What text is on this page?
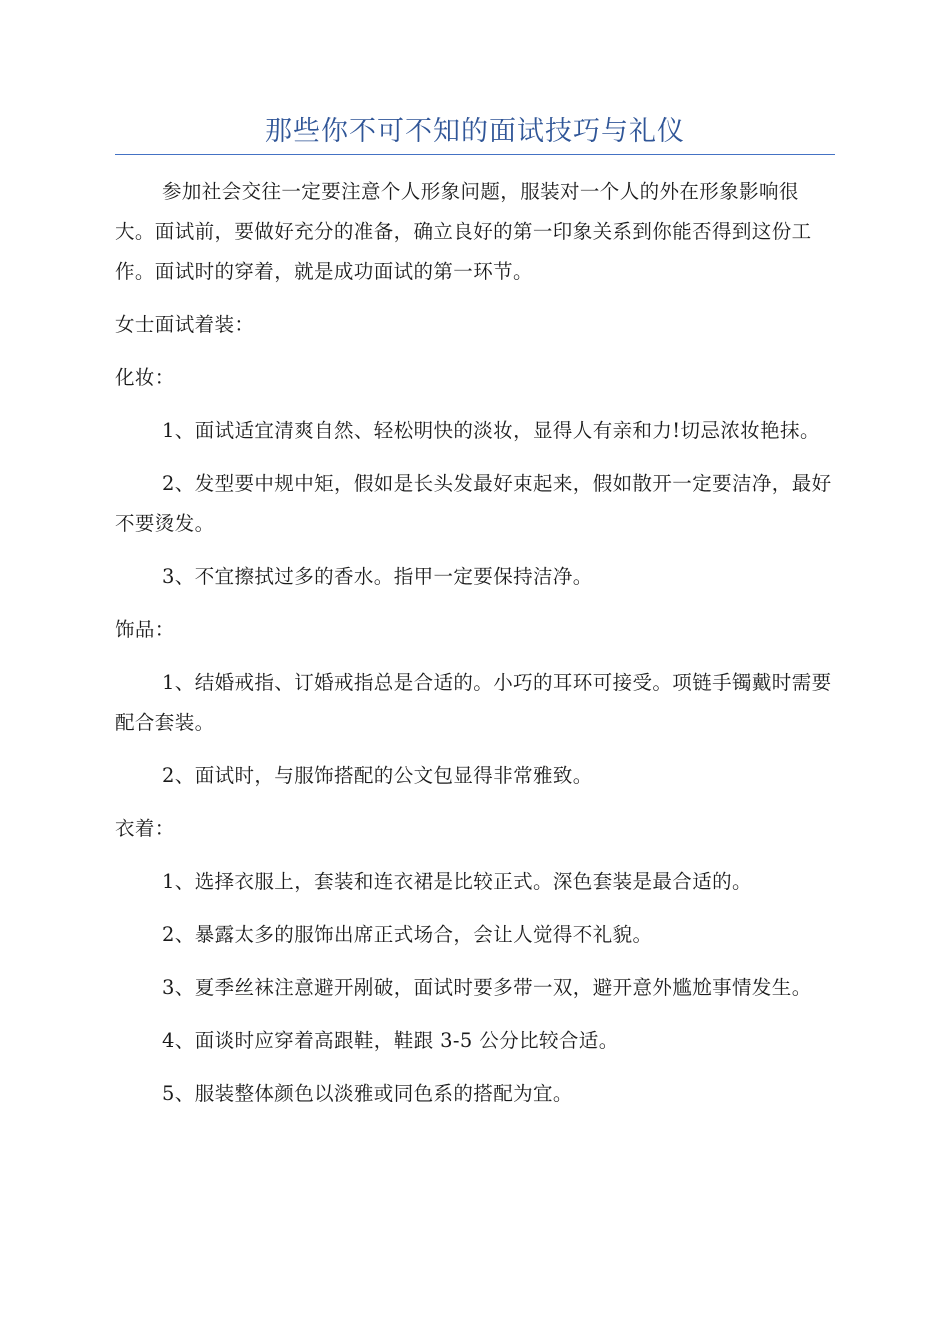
那些你不可不知的面试技巧与礼仪

参加社会交往一定要注意个人形象问题，服装对一个人的外在形象影响很大。面试前，要做好充分的准备，确立良好的第一印象关系到你能否得到这份工作。面试时的穿着，就是成功面试的第一环节。

女士面试着装：

化妆：

1、面试适宜清爽自然、轻松明快的淡妆，显得人有亲和力!切忌浓妆艳抹。

2、发型要中规中矩，假如是长头发最好束起来，假如散开一定要洁净，最好不要烫发。

3、不宜擦拭过多的香水。指甲一定要保持洁净。

饰品：

1、结婚戒指、订婚戒指总是合适的。小巧的耳环可接受。项链手镯戴时需要配合套装。

2、面试时，与服饰搭配的公文包显得非常雅致。

衣着：

1、选择衣服上，套装和连衣裙是比较正式。深色套装是最合适的。

2、暴露太多的服饰出席正式场合，会让人觉得不礼貌。

3、夏季丝袜注意避开剐破，面试时要多带一双，避开意外尴尬事情发生。

4、面谈时应穿着高跟鞋，鞋跟 3-5 公分比较合适。

5、服装整体颜色以淡雅或同色系的搭配为宜。
